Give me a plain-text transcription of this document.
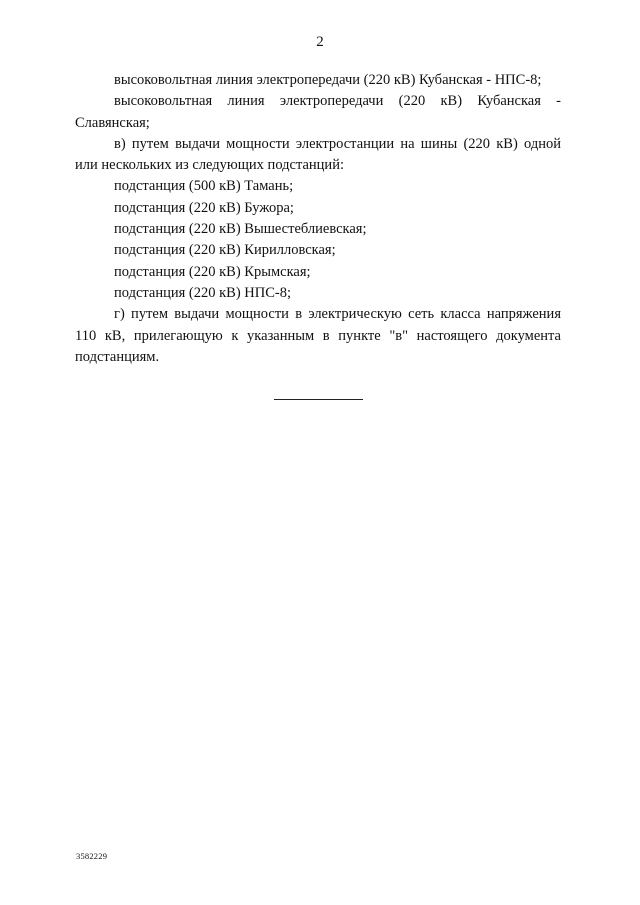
2
высоковольтная линия электропередачи (220 кВ) Кубанская - НПС-8;
высоковольтная линия электропередачи (220 кВ) Кубанская -
Славянская;
в) путем выдачи мощности электростанции на шины (220 кВ) одной
или нескольких из следующих подстанций:
подстанция (500 кВ) Тамань;
подстанция (220 кВ) Бужора;
подстанция (220 кВ) Вышестеблиевская;
подстанция (220 кВ) Кирилловская;
подстанция (220 кВ) Крымская;
подстанция (220 кВ) НПС-8;
г) путем выдачи мощности в электрическую сеть класса напряжения
110 кВ, прилегающую к указанным в пункте "в" настоящего документа
подстанциям.
3582229
